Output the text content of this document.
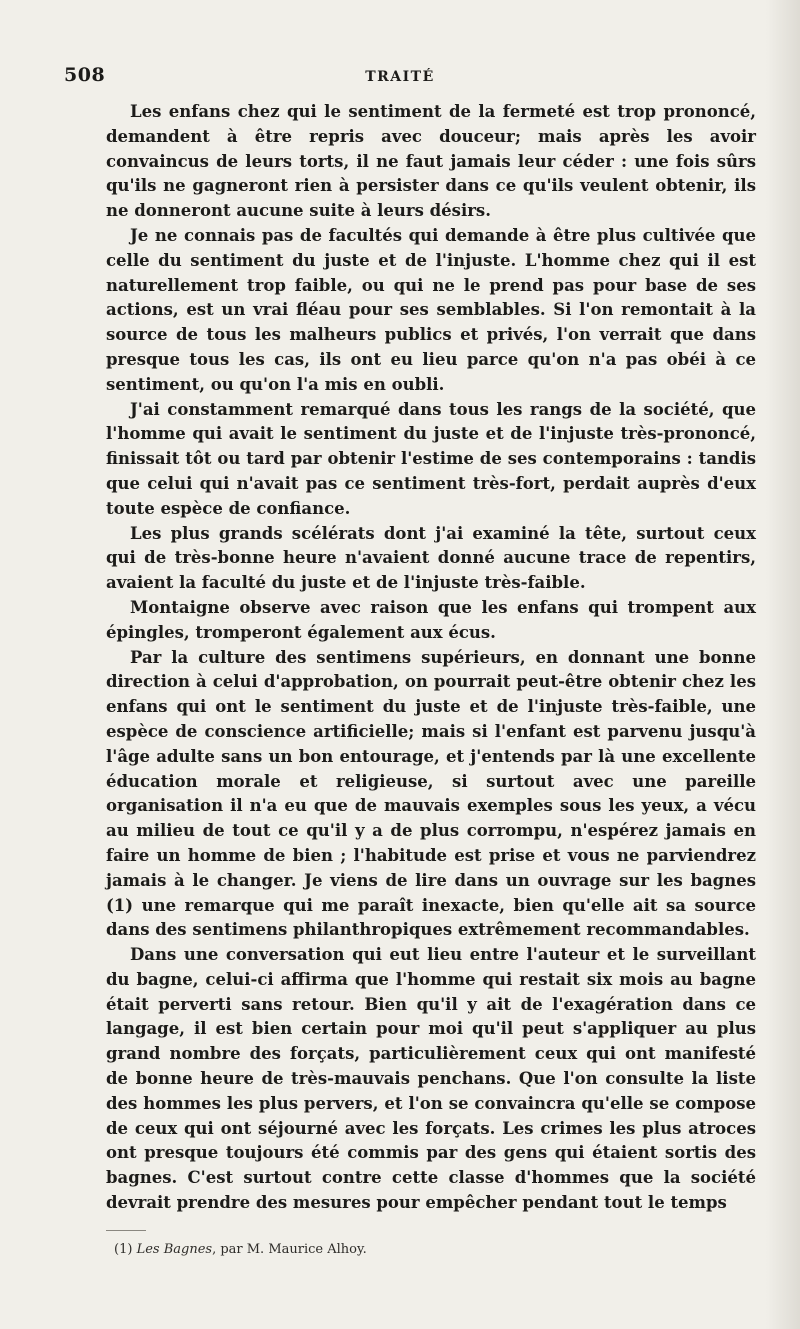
508	TRAITÉ

Les enfans chez qui le sentiment de la fermeté est trop prononcé, demandent à être repris avec douceur; mais après les avoir convaincus de leurs torts, il ne faut jamais leur céder : une fois sûrs qu'ils ne gagneront rien à persister dans ce qu'ils veulent obtenir, ils ne donneront aucune suite à leurs désirs.

Je ne connais pas de facultés qui demande à être plus cultivée que celle du sentiment du juste et de l'injuste. L'homme chez qui il est naturellement trop faible, ou qui ne le prend pas pour base de ses actions, est un vrai fléau pour ses semblables. Si l'on remontait à la source de tous les malheurs publics et privés, l'on verrait que dans presque tous les cas, ils ont eu lieu parce qu'on n'a pas obéi à ce sentiment, ou qu'on l'a mis en oubli.

J'ai constamment remarqué dans tous les rangs de la société, que l'homme qui avait le sentiment du juste et de l'injuste très-prononcé, finissait tôt ou tard par obtenir l'estime de ses contemporains : tandis que celui qui n'avait pas ce sentiment très-fort, perdait auprès d'eux toute espèce de confiance.

Les plus grands scélérats dont j'ai examiné la tête, surtout ceux qui de très-bonne heure n'avaient donné aucune trace de repentirs, avaient la faculté du juste et de l'injuste très-faible.

Montaigne observe avec raison que les enfans qui trompent aux épingles, tromperont également aux écus.

Par la culture des sentimens supérieurs, en donnant une bonne direction à celui d'approbation, on pourrait peut-être obtenir chez les enfans qui ont le sentiment du juste et de l'injuste très-faible, une espèce de conscience artificielle; mais si l'enfant est parvenu jusqu'à l'âge adulte sans un bon entourage, et j'entends par là une excellente éducation morale et religieuse, si surtout avec une pareille organisation il n'a eu que de mauvais exemples sous les yeux, a vécu au milieu de tout ce qu'il y a de plus corrompu, n'espérez jamais en faire un homme de bien ; l'habitude est prise et vous ne parviendrez jamais à le changer. Je viens de lire dans un ouvrage sur les bagnes (1) une remarque qui me paraît inexacte, bien qu'elle ait sa source dans des sentimens philanthropiques extrêmement recommandables.

Dans une conversation qui eut lieu entre l'auteur et le surveillant du bagne, celui-ci affirma que l'homme qui restait six mois au bagne était perverti sans retour. Bien qu'il y ait de l'exagération dans ce langage, il est bien certain pour moi qu'il peut s'appliquer au plus grand nombre des forçats, particulièrement ceux qui ont manifesté de bonne heure de très-mauvais penchans. Que l'on consulte la liste des hommes les plus pervers, et l'on se convaincra qu'elle se compose de ceux qui ont séjourné avec les forçats. Les crimes les plus atroces ont presque toujours été commis par des gens qui étaient sortis des bagnes. C'est surtout contre cette classe d'hommes que la société devrait prendre des mesures pour empêcher pendant tout le temps

(1) Les Bagnes, par M. Maurice Alhoy.
